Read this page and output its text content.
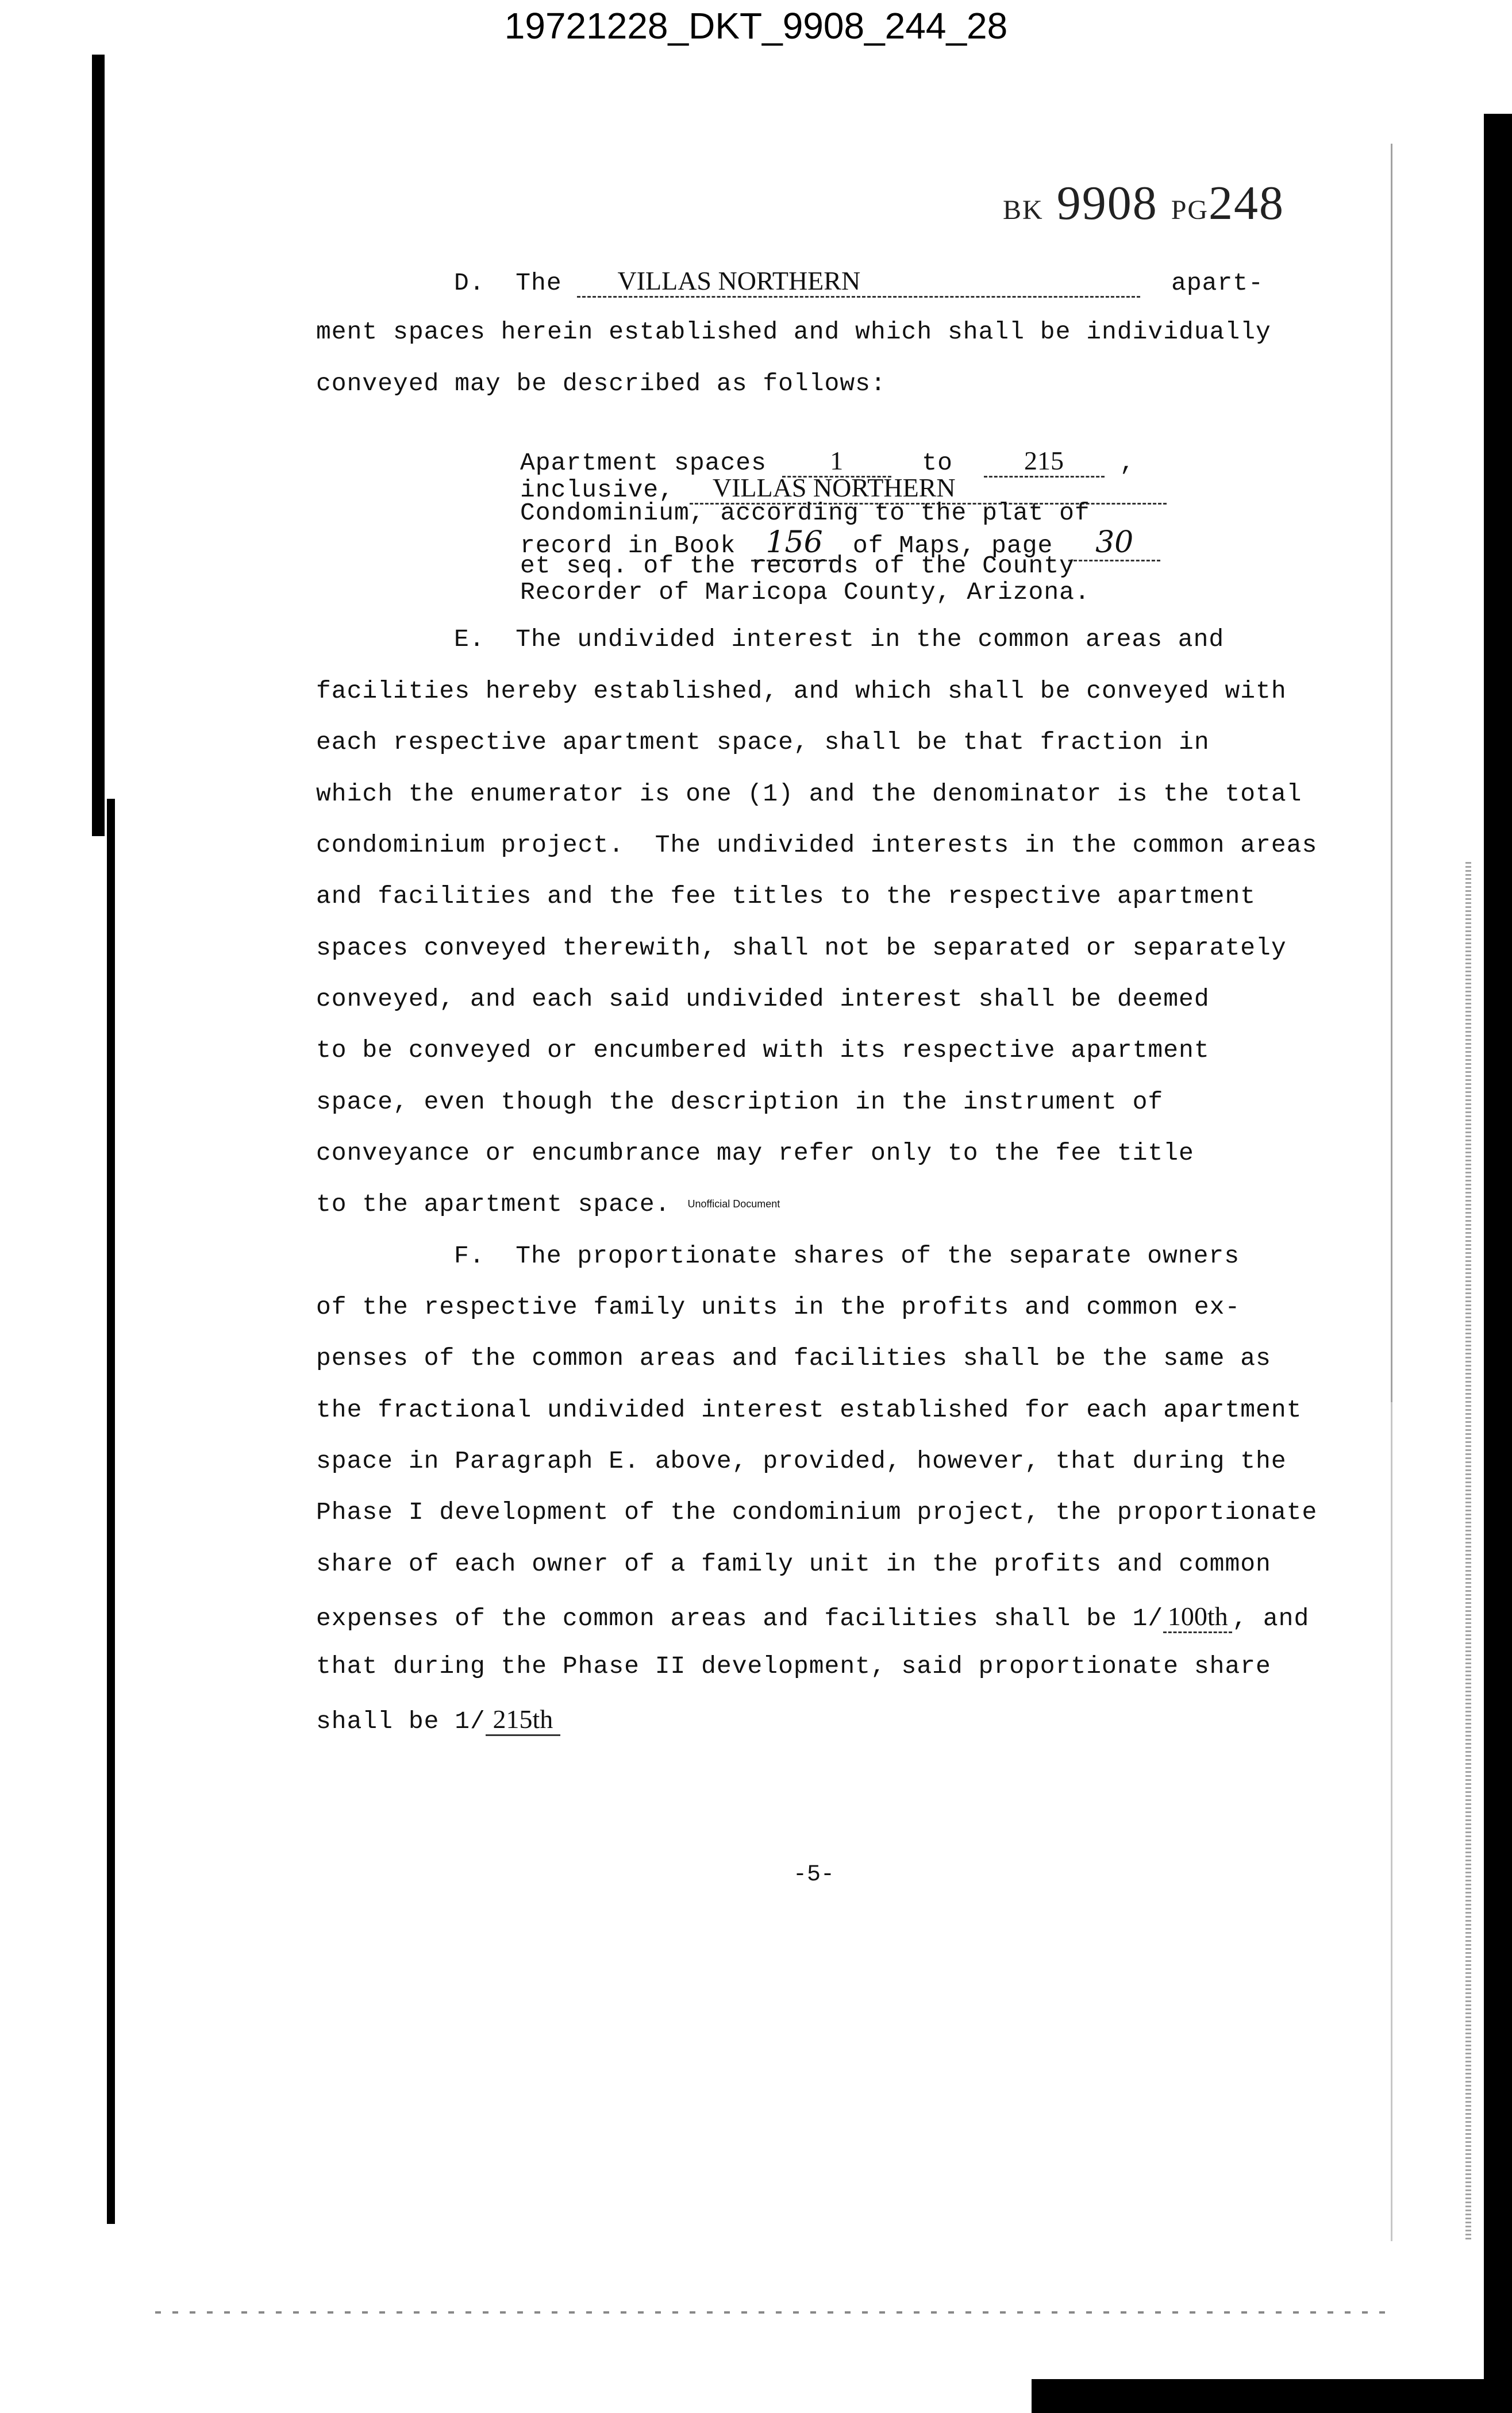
19721228_DKT_9908_244_28
BK 9908 PG248
D. The VILLAS NORTHERN	apart-
ment spaces herein established and which shall be individually
conveyed may be described as follows:
Apartment spaces 1	to	215 ,
inclusive, VILLAS NORTHERN
Condominium, according to the plat of
record in Book 156 of Maps, page 30
et seq. of the records of the County
Recorder of Maricopa County, Arizona.
E.  The undivided interest in the common areas and
facilities hereby established, and which shall be conveyed with
each respective apartment space, shall be that fraction in
which the enumerator is one (1) and the denominator is the total
condominium project.  The undivided interests in the common areas
and facilities and the fee titles to the respective apartment
spaces conveyed therewith, shall not be separated or separately
conveyed, and each said undivided interest shall be deemed
to be conveyed or encumbered with its respective apartment
space, even though the description in the instrument of
conveyance or encumbrance may refer only to the fee title
to the apartment space. Unofficial Document
F.  The proportionate shares of the separate owners
of the respective family units in the profits and common ex-
penses of the common areas and facilities shall be the same as
the fractional undivided interest established for each apartment
space in Paragraph E. above, provided, however, that during the
Phase I development of the condominium project, the proportionate
share of each owner of a family unit in the profits and common
expenses of the common areas and facilities shall be 1/ 100th , and
that during the Phase II development, said proportionate share
shall be 1/ 215th
-5-
